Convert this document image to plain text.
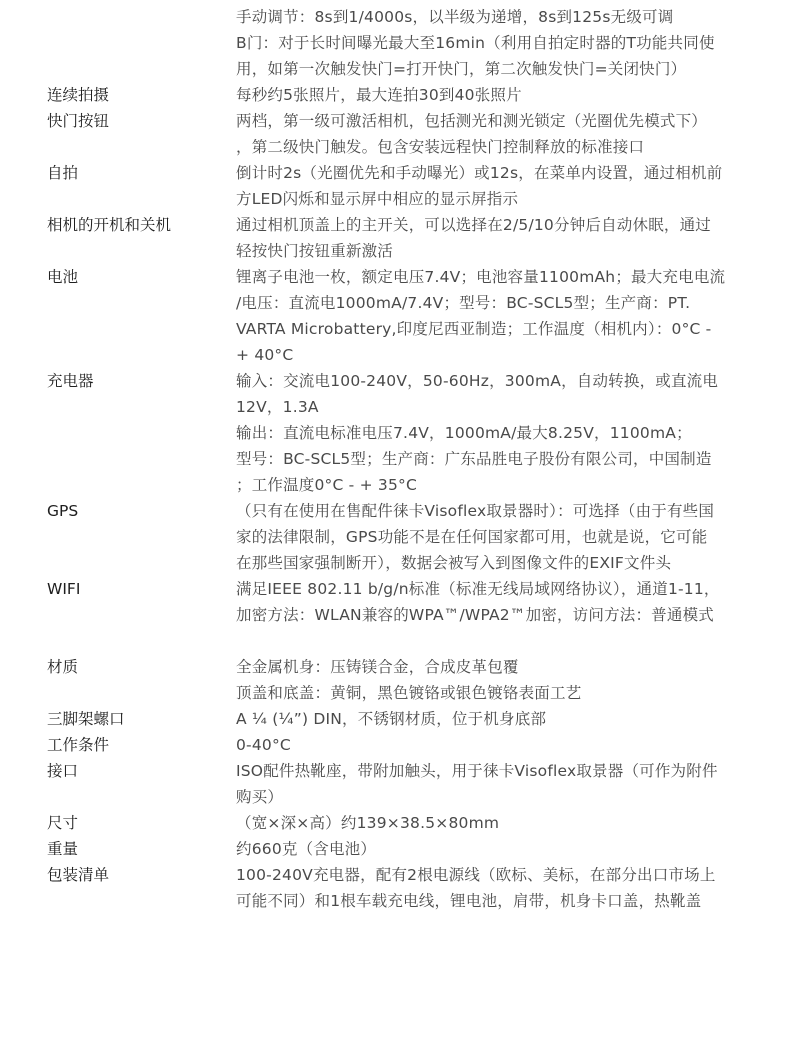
手动调节：8s到1/4000s，以半级为递增，8s到125s无级可调
B门：对于长时间曝光最大至16min（利用自拍定时器的T功能共同使
用，如第一次触发快门=打开快门，第二次触发快门=关闭快门）
连续拍摄	每秒约5张照片，最大连拍30到40张照片
快门按钮	两档，第一级可激活相机，包括测光和测光锁定（光圈优先模式下）
，第二级快门触发。包含安装远程快门控制释放的标准接口
自拍	倒计时2s（光圈优先和手动曝光）或12s，在菜单内设置，通过相机前
方LED闪烁和显示屏中相应的显示屏指示
相机的开机和关机	通过相机顶盖上的主开关，可以选择在2/5/10分钟后自动休眠，通过
轻按快门按钮重新激活
电池	锂离子电池一枚，额定电压7.4V；电池容量1100mAh；最大充电电流
/电压：直流电1000mA/7.4V；型号：BC-SCL5型；生产商：PT.
VARTA Microbattery,印度尼西亚制造；工作温度（相机内）：0°C -
+ 40°C
充电器	输入：交流电100-240V，50-60Hz，300mA，自动转换，或直流电
12V，1.3A
输出：直流电标准电压7.4V，1000mA/最大8.25V，1100mA；
型号：BC-SCL5型；生产商：广东品胜电子股份有限公司，中国制造
；工作温度0°C - + 35°C
GPS	（只有在使用在售配件徕卡Visoflex取景器时）：可选择（由于有些国
家的法律限制，GPS功能不是在任何国家都可用，也就是说，它可能
在那些国家强制断开），数据会被写入到图像文件的EXIF文件头
WIFI	满足IEEE 802.11 b/g/n标准（标准无线局域网络协议），通道1-11，
加密方法：WLAN兼容的WPA™/WPA2™加密，访问方法：普通模式
材质	全金属机身：压铸镁合金，合成皮革包覆
顶盖和底盖：黄铜，黑色镀铬或银色镀铬表面工艺
三脚架螺口	A ¼ (¼”) DIN，不锈钢材质，位于机身底部
工作条件	0-40°C
接口	ISO配件热靴座，带附加触头，用于徕卡Visoflex取景器（可作为附件
购买）
尺寸	（宽×深×高）约139×38.5×80mm
重量	约660克（含电池）
包装清单	100-240V充电器，配有2根电源线（欧标、美标，在部分出口市场上
可能不同）和1根车载充电线，锂电池，肩带，机身卡口盖，热靴盖
